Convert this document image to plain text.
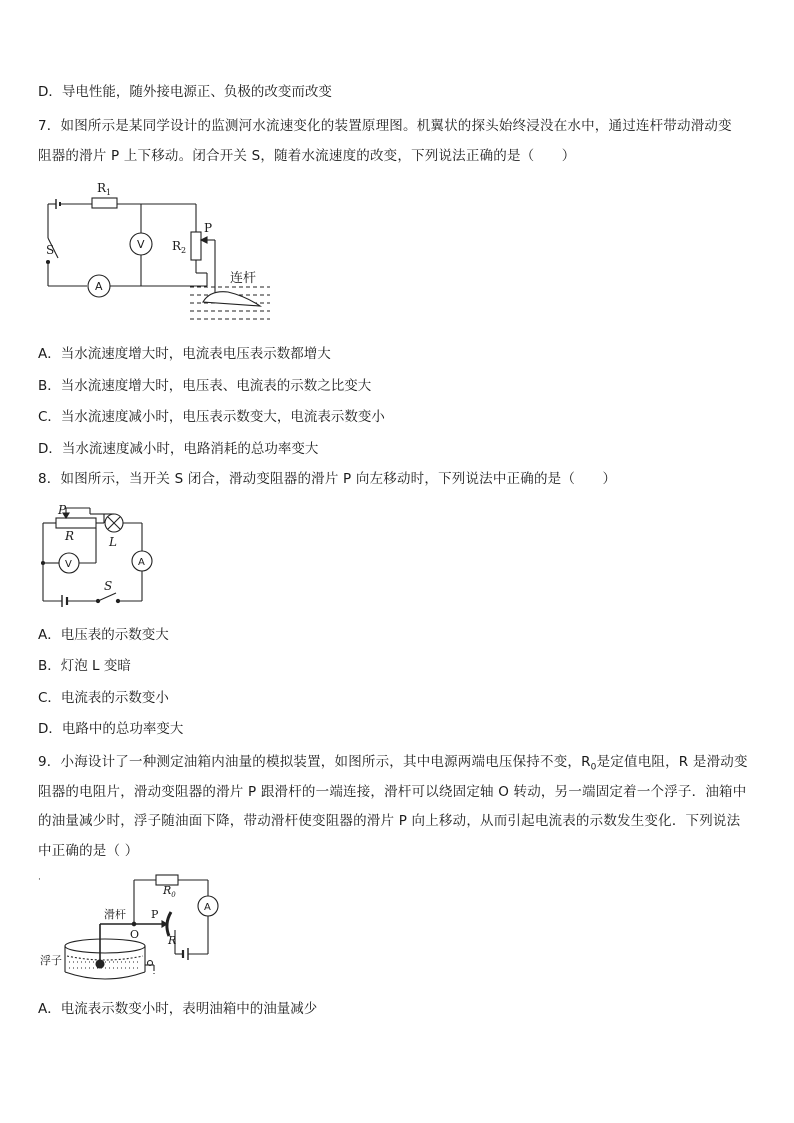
D．导电性能，随外接电源正、负极的改变而改变
7．如图所示是某同学设计的监测河水流速变化的装置原理图。机翼状的探头始终浸没在水中，通过连杆带动滑动变
阻器的滑片 P 上下移动。闭合开关 S，随着水流速度的改变，下列说法正确的是（　　）
$R_1$
P
$R_2$
S	V
A
连杆
A．当水流速度增大时，电流表电压表示数都增大
B．当水流速度增大时，电压表、电流表的示数之比变大
C．当水流速度减小时，电压表示数变大，电流表示数变小
D．当水流速度减小时，电路消耗的总功率变大
8．如图所示，当开关 S 闭合，滑动变阻器的滑片 P 向左移动时，下列说法中正确的是（　　）
P
R	L
V	A
S
A．电压表的示数变大
B．灯泡 L 变暗
C．电流表的示数变小
D．电路中的总功率变大
9．小海设计了一种测定油箱内油量的模拟装置，如图所示，其中电源两端电压保持不变，$R_0$是定值电阻，R 是滑动变
阻器的电阻片，滑动变阻器的滑片 P 跟滑杆的一端连接，滑杆可以绕固定轴 O 转动，另一端固定着一个浮子．油箱中
的油量减少时，浮子随油面下降，带动滑杆使变阻器的滑片 P 向上移动，从而引起电流表的示数发生变化．下列说法
中正确的是（ ）
·
$R_0$
A
滑杆 P
O	R
浮子
A．电流表示数变小时，表明油箱中的油量减少
